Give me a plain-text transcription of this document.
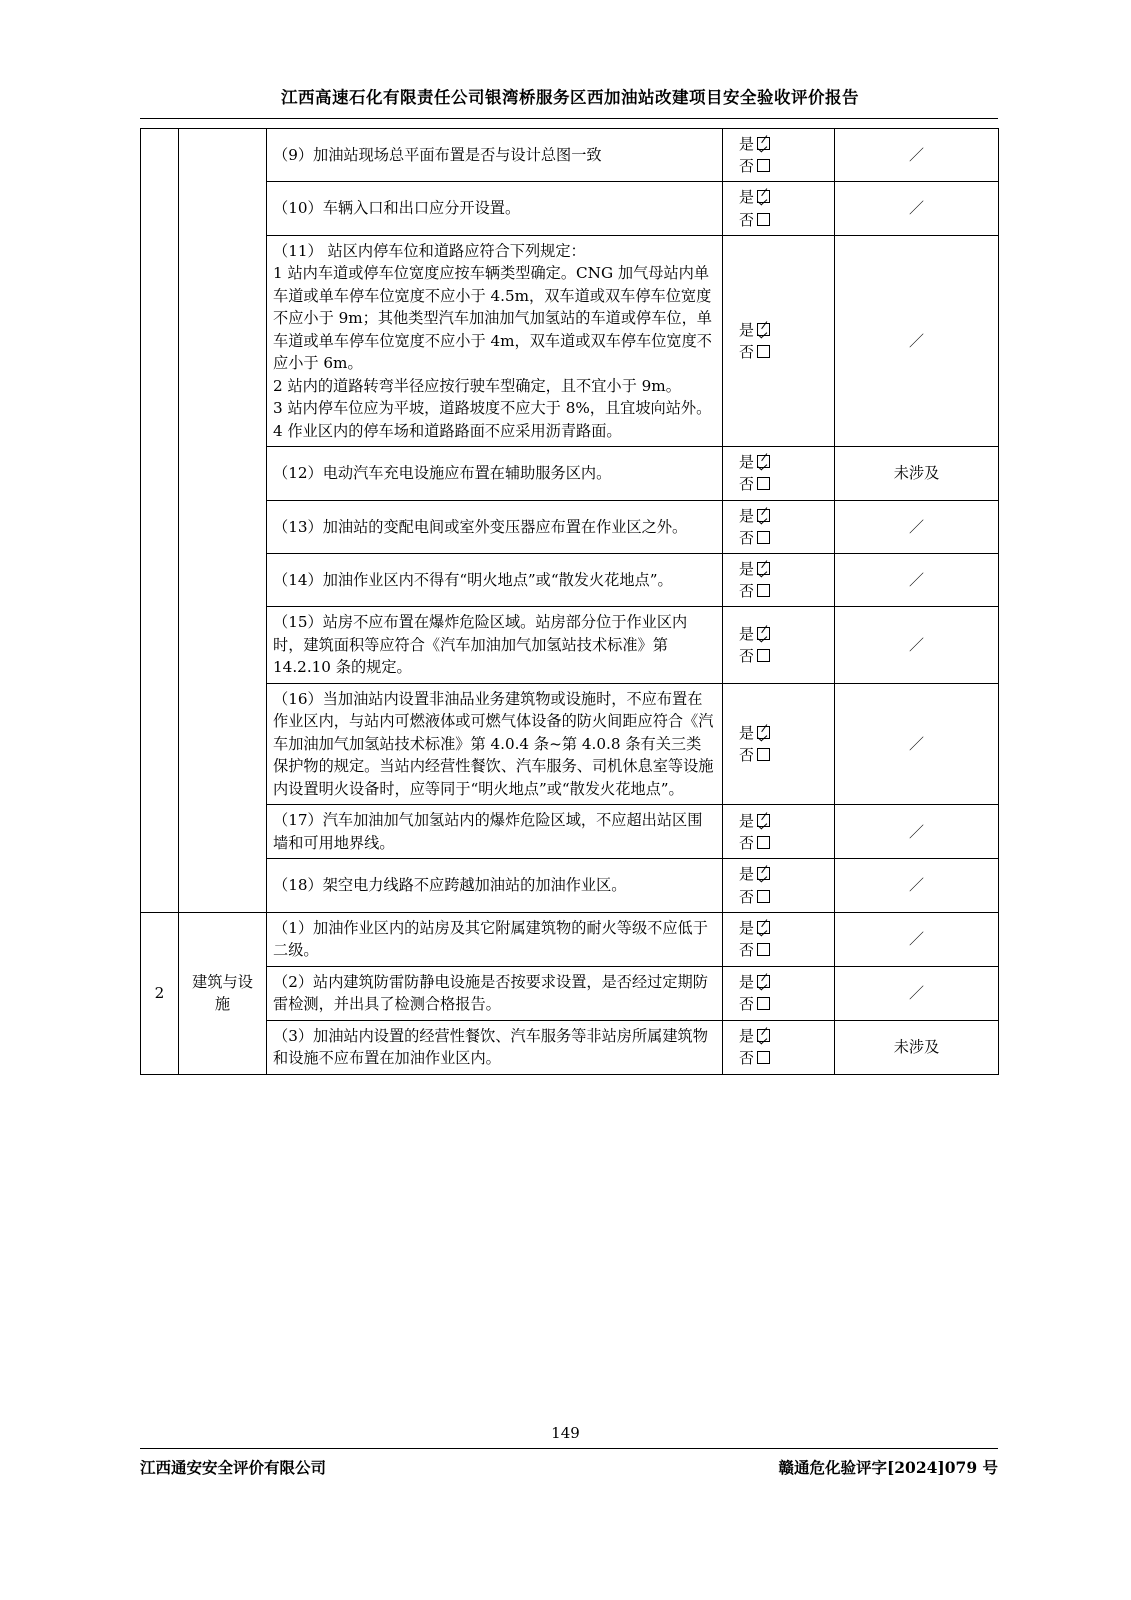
江西高速石化有限责任公司银湾桥服务区西加油站改建项目安全验收评价报告

		（9）加油站现场总平面布置是否与设计总图一致	是
否	／

		（10）车辆入口和出口应分开设置。	是
否	／

		（11） 站区内停车位和道路应符合下列规定：
1 站内车道或停车位宽度应按车辆类型确定。CNG 加气母站内单车道或单车停车位宽度不应小于 4.5m，双车道或双车停车位宽度不应小于 9m；其他类型汽车加油加气加氢站的车道或停车位，单车道或单车停车位宽度不应小于 4m，双车道或双车停车位宽度不应小于 6m。
2 站内的道路转弯半径应按行驶车型确定，且不宜小于 9m。
3 站内停车位应为平坡，道路坡度不应大于 8%，且宜坡向站外。
4 作业区内的停车场和道路路面不应采用沥青路面。	是
否	／

		（12）电动汽车充电设施应布置在辅助服务区内。	是
否	未涉及

		（13）加油站的变配电间或室外变压器应布置在作业区之外。	是
否	／

		（14）加油作业区内不得有“明火地点”或“散发火花地点”。	是
否	／

		（15）站房不应布置在爆炸危险区域。站房部分位于作业区内时，建筑面积等应符合《汽车加油加气加氢站技术标准》第 14.2.10 条的规定。	是
否	／

		（16）当加油站内设置非油品业务建筑物或设施时，不应布置在作业区内，与站内可燃液体或可燃气体设备的防火间距应符合《汽车加油加气加氢站技术标准》第 4.0.4 条~第 4.0.8 条有关三类保护物的规定。当站内经营性餐饮、汽车服务、司机休息室等设施内设置明火设备时，应等同于“明火地点”或“散发火花地点”。	是
否	／

		（17）汽车加油加气加氢站内的爆炸危险区域，不应超出站区围墙和可用地界线。	是
否	／

		（18）架空电力线路不应跨越加油站的加油作业区。	是
否	／
2	建筑与设施	（1）加油作业区内的站房及其它附属建筑物的耐火等级不应低于二级。	是
否	／

		（2）站内建筑防雷防静电设施是否按要求设置，是否经过定期防雷检测，并出具了检测合格报告。	是
否	／

		（3）加油站内设置的经营性餐饮、汽车服务等非站房所属建筑物和设施不应布置在加油作业区内。	是
否	未涉及
149
江西通安安全评价有限公司	赣通危化验评字[2024]079 号
